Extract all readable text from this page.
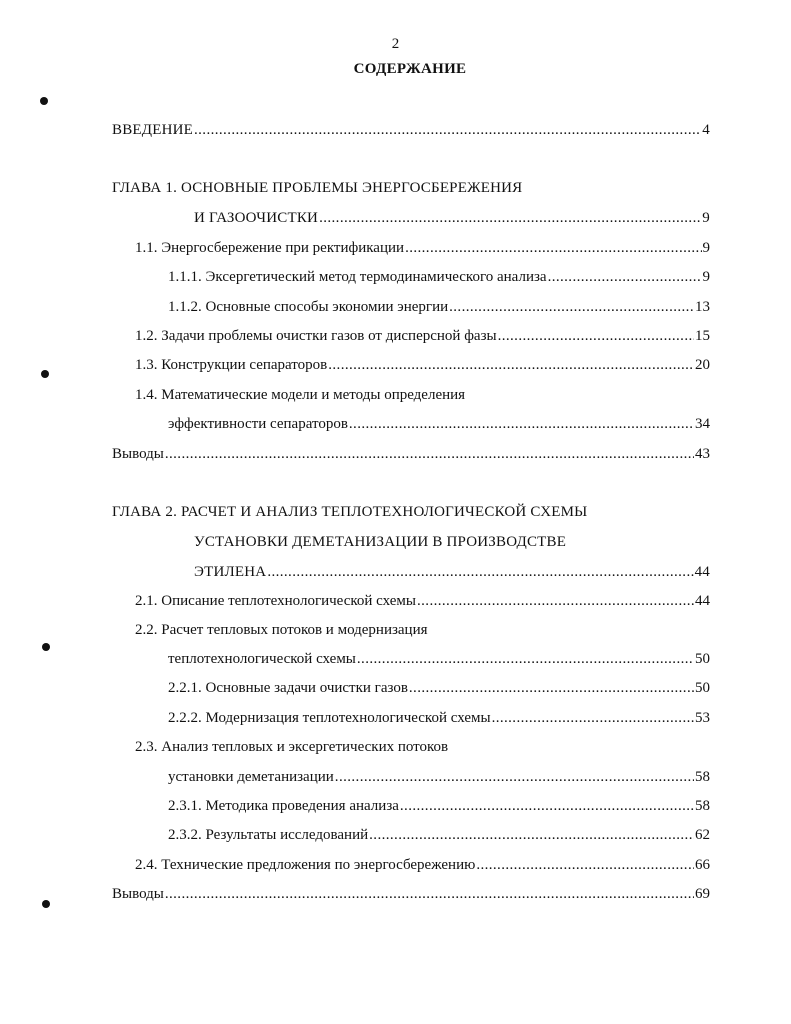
2
СОДЕРЖАНИЕ
ВВЕДЕНИЕ .....	4
ГЛАВА 1. ОСНОВНЫЕ ПРОБЛЕМЫ ЭНЕРГОСБЕРЕЖЕНИЯ
И ГАЗООЧИСТКИ .....	9
1.1. Энергосбережение при ректификации .....	9
1.1.1. Эксергетический метод термодинамического анализа .....	9
1.1.2. Основные способы экономии энергии .....	13
1.2. Задачи проблемы очистки газов от дисперсной фазы .....	15
1.3. Конструкции сепараторов .....	20
1.4. Математические модели и методы определения
эффективности сепараторов .....	34
Выводы .....	43
ГЛАВА 2. РАСЧЕТ И АНАЛИЗ ТЕПЛОТЕХНОЛОГИЧЕСКОЙ СХЕМЫ
УСТАНОВКИ ДЕМЕТАНИЗАЦИИ В ПРОИЗВОДСТВЕ
ЭТИЛЕНА .....	44
2.1. Описание теплотехнологической схемы .....	44
2.2. Расчет тепловых потоков и модернизация
теплотехнологической схемы .....	50
2.2.1. Основные задачи очистки газов .....	50
2.2.2. Модернизация теплотехнологической схемы .....	53
2.3. Анализ тепловых и эксергетических потоков
установки деметанизации .....	58
2.3.1. Методика проведения анализа .....	58
2.3.2. Результаты исследований .....	62
2.4. Технические предложения по энергосбережению .....	66
Выводы .....	69
